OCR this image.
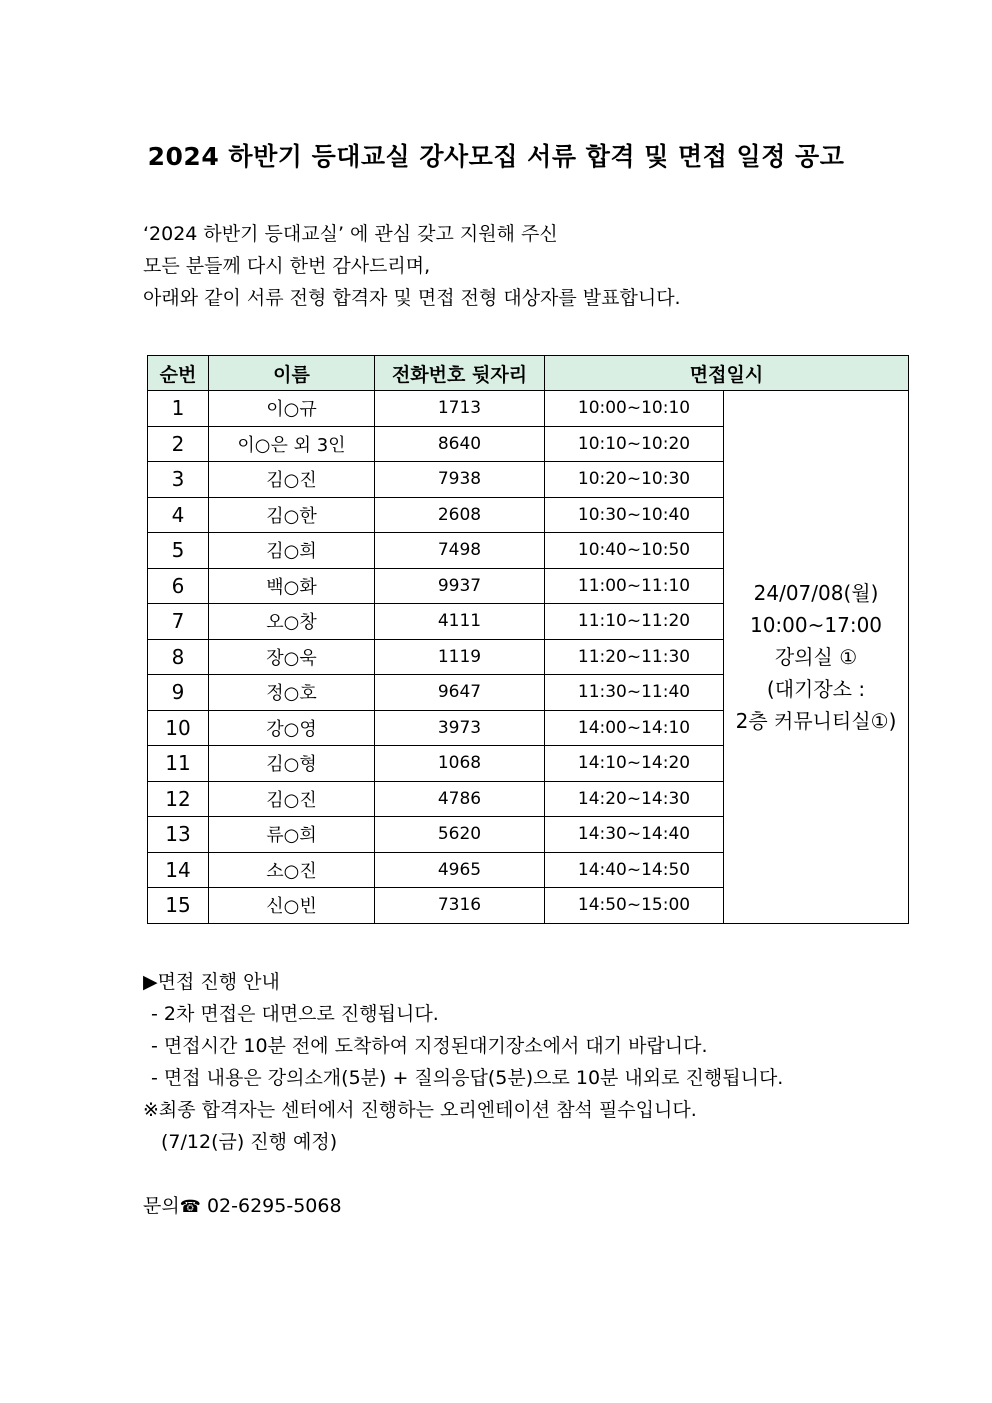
2024 하반기 등대교실 강사모집 서류 합격 및 면접 일정 공고
‘2024 하반기 등대교실’ 에 관심 갖고 지원해 주신
모든 분들께 다시 한번 감사드리며,
아래와 같이 서류 전형 합격자 및 면접 전형 대상자를 발표합니다.
순번	이름	전화번호 뒷자리	면접일시	
1	이○규	1713	10:00~10:10	24/07/08(월)
10:00~17:00
강의실 ①
(대기장소 :
2층 커뮤니티실①)

2	이○은 외 3인	8640	10:10~10:20	
3	김○진	7938	10:20~10:30	
4	김○한	2608	10:30~10:40	
5	김○희	7498	10:40~10:50	
6	백○화	9937	11:00~11:10	
7	오○창	4111	11:10~11:20	
8	장○욱	1119	11:20~11:30	
9	정○호	9647	11:30~11:40	
10	강○영	3973	14:00~14:10	
11	김○형	1068	14:10~14:20	
12	김○진	4786	14:20~14:30	
13	류○희	5620	14:30~14:40	
14	소○진	4965	14:40~14:50	
15	신○빈	7316	14:50~15:00	
▶면접 진행 안내
- 2차 면접은 대면으로 진행됩니다.
- 면접시간 10분 전에 도착하여 지정된대기장소에서 대기 바랍니다.
- 면접 내용은 강의소개(5분) + 질의응답(5분)으로 10분 내외로 진행됩니다.
※최종 합격자는 센터에서 진행하는 오리엔테이션 참석 필수입니다.
(7/12(금) 진행 예정)
문의☎ 02-6295-5068
